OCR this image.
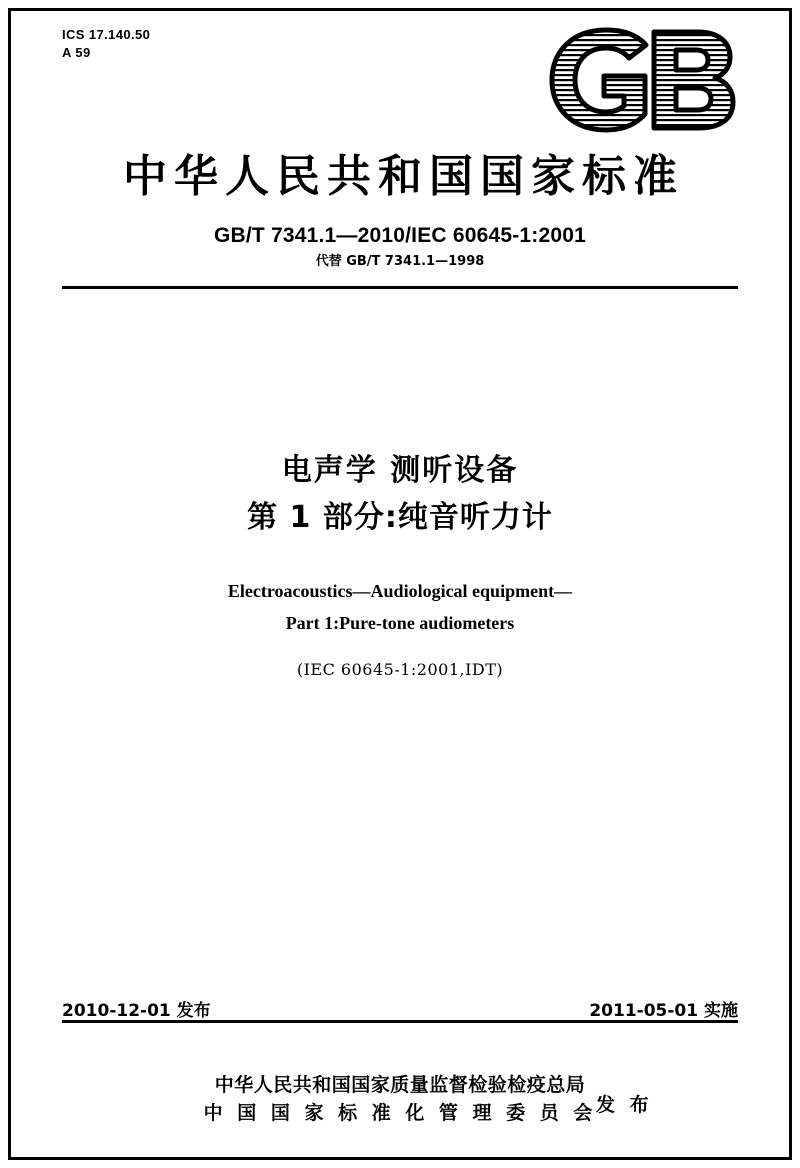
ICS 17.140.50
A 59
中华人民共和国国家标准
GB/T 7341.1—2010/IEC 60645-1:2001
代替 GB/T 7341.1—1998
电声学 测听设备
第 1 部分:纯音听力计
Electroacoustics—Audiological equipment—
Part 1:Pure-tone audiometers
(IEC 60645-1:2001,IDT)
2010-12-01 发布	2011-05-01 实施
中华人民共和国国家质量监督检验检疫总局
中 国 国 家 标 准 化 管 理 委 员 会 发 布
